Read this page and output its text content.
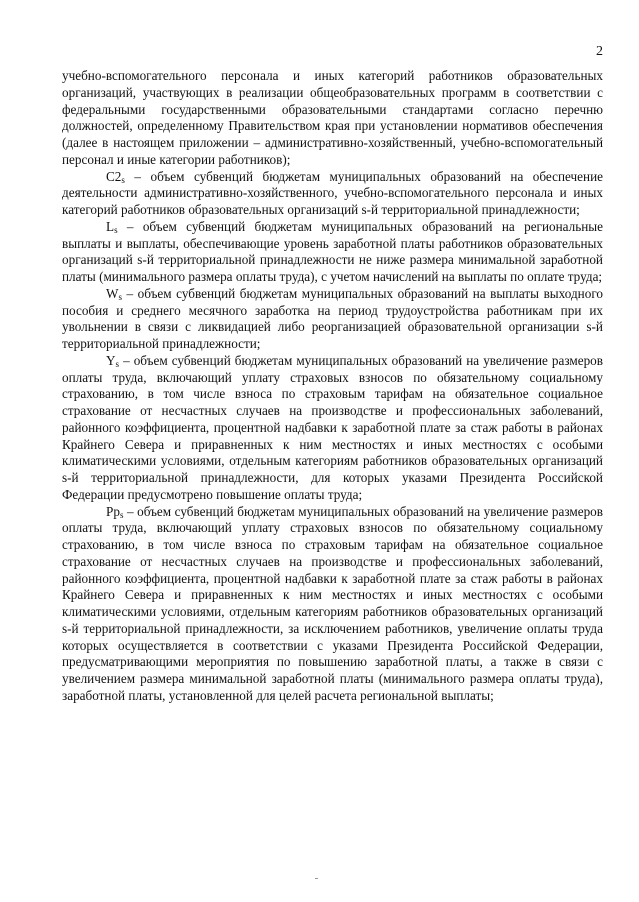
2

учебно-вспомогательного персонала и иных категорий работников образовательных организаций, участвующих в реализации общеобразовательных программ в соответствии с федеральными государственными образовательными стандартами согласно перечню должностей, определенному Правительством края при установлении нормативов обеспечения (далее в настоящем приложении – административно-хозяйственный, учебно-вспомогательный персонал и иные категории работников);

$C2_s$ – объем субвенций бюджетам муниципальных образований на обеспечение деятельности административно-хозяйственного, учебно-вспомогательного персонала и иных категорий работников образовательных организаций s-й территориальной принадлежности;

$L_s$ – объем субвенций бюджетам муниципальных образований на региональные выплаты и выплаты, обеспечивающие уровень заработной платы работников образовательных организаций s-й территориальной принадлежности не ниже размера минимальной заработной платы (минимального размера оплаты труда), с учетом начислений на выплаты по оплате труда;

$W_s$ – объем субвенций бюджетам муниципальных образований на выплаты выходного пособия и среднего месячного заработка на период трудоустройства работникам при их увольнении в связи с ликвидацией либо реорганизацией образовательной организации s-й территориальной принадлежности;

$Y_s$ – объем субвенций бюджетам муниципальных образований на увеличение размеров оплаты труда, включающий уплату страховых взносов по обязательному социальному страхованию, в том числе взноса по страховым тарифам на обязательное социальное страхование от несчастных случаев на производстве и профессиональных заболеваний, районного коэффициента, процентной надбавки к заработной плате за стаж работы в районах Крайнего Севера и приравненных к ним местностях и иных местностях с особыми климатическими условиями, отдельным категориям работников образовательных организаций s-й территориальной принадлежности, для которых указами Президента Российской Федерации предусмотрено повышение оплаты труда;

$Pp_s$ – объем субвенций бюджетам муниципальных образований на увеличение размеров оплаты труда, включающий уплату страховых взносов по обязательному социальному страхованию, в том числе взноса по страховым тарифам на обязательное социальное страхование от несчастных случаев на производстве и профессиональных заболеваний, районного коэффициента, процентной надбавки к заработной плате за стаж работы в районах Крайнего Севера и приравненных к ним местностях и иных местностях с особыми климатическими условиями, отдельным категориям работников образовательных организаций s-й территориальной принадлежности, за исключением работников, увеличение оплаты труда которых осуществляется в соответствии с указами Президента Российской Федерации, предусматривающими мероприятия по повышению заработной платы, а также в связи с увеличением размера минимальной заработной платы (минимального размера оплаты труда), заработной платы, установленной для целей расчета региональной выплаты;
